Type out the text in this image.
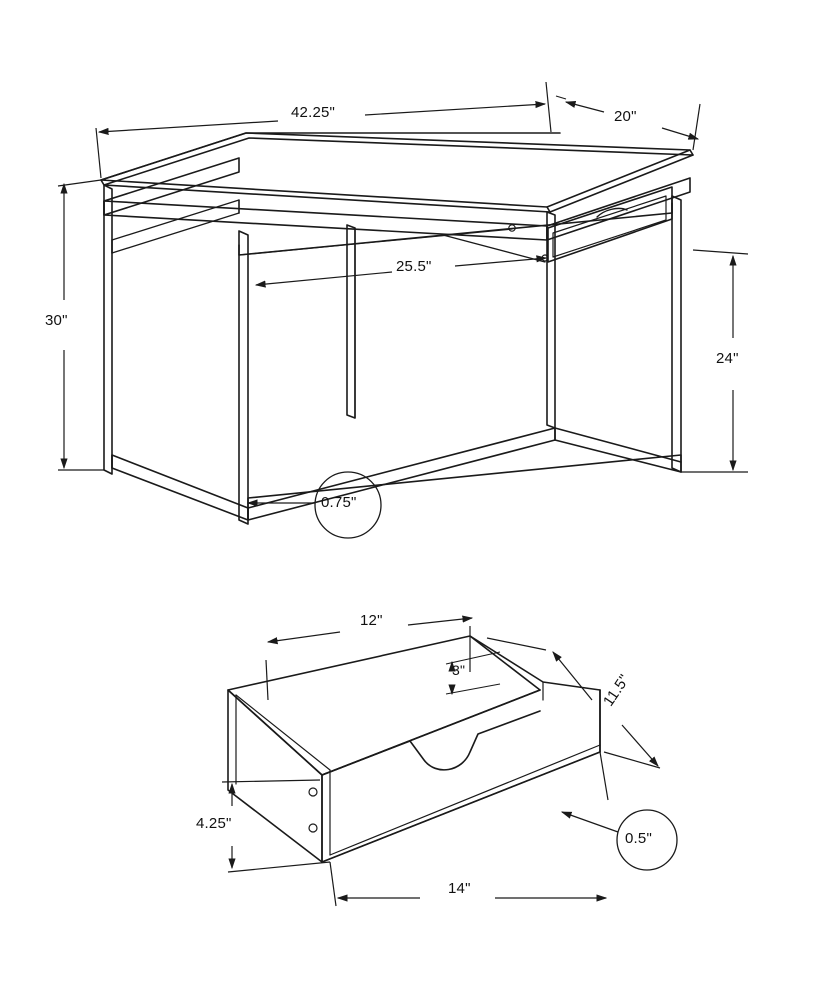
42.25"	20"
30"
24"
25.5"
0.75"
12"
3"
11.5"
4.25"
14"
0.5"
